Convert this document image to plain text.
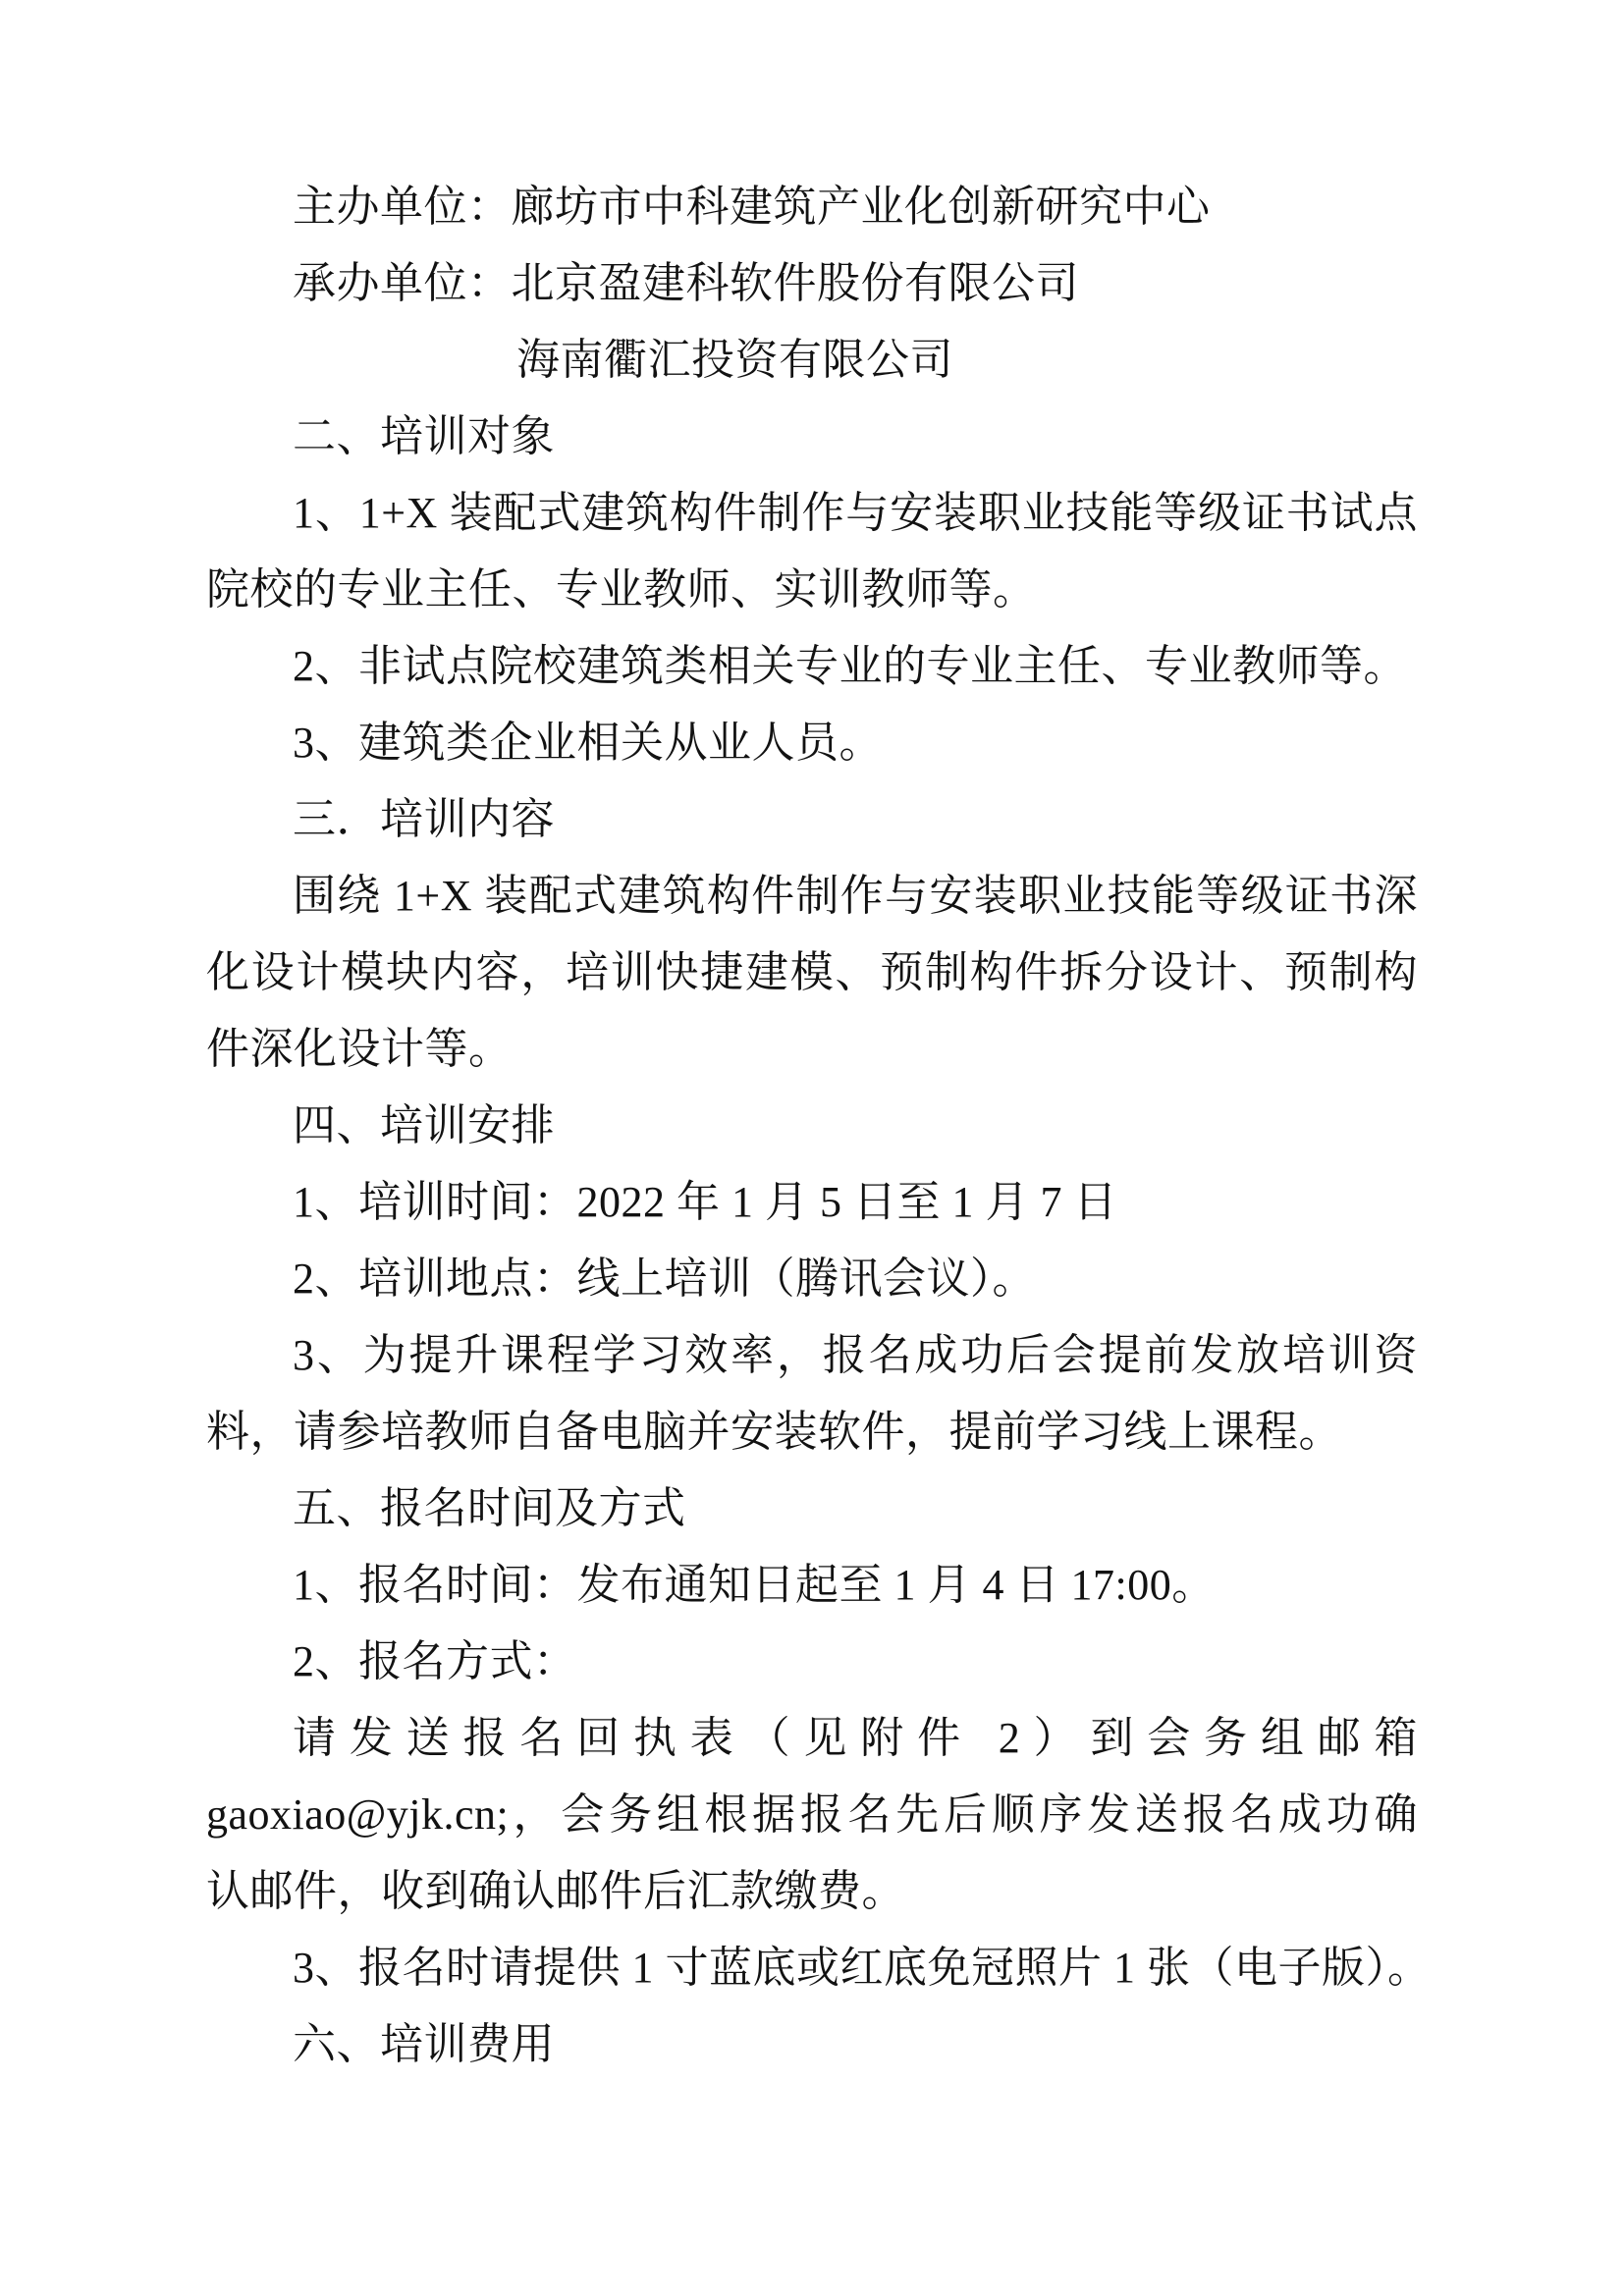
主办单位：廊坊市中科建筑产业化创新研究中心
承办单位：北京盈建科软件股份有限公司
海南衢汇投资有限公司
二、培训对象
1、1+X 装配式建筑构件制作与安装职业技能等级证书试点
院校的专业主任、专业教师、实训教师等。
2、非试点院校建筑类相关专业的专业主任、专业教师等。
3、建筑类企业相关从业人员。
三．培训内容
围绕 1+X 装配式建筑构件制作与安装职业技能等级证书深
化设计模块内容，培训快捷建模、预制构件拆分设计、预制构
件深化设计等。
四、培训安排
1、培训时间：2022 年 1 月 5 日至 1 月 7 日
2、培训地点：线上培训（腾讯会议）。
3、为提升课程学习效率，报名成功后会提前发放培训资
料，请参培教师自备电脑并安装软件，提前学习线上课程。
五、报名时间及方式
1、报名时间：发布通知日起至 1 月 4 日 17:00。
2、报名方式：
请发送报名回执表（见附件 2）到会务组邮箱
gaoxiao@yjk.cn;，会务组根据报名先后顺序发送报名成功确
认邮件，收到确认邮件后汇款缴费。
3、报名时请提供 1 寸蓝底或红底免冠照片 1 张（电子版）。
六、培训费用
